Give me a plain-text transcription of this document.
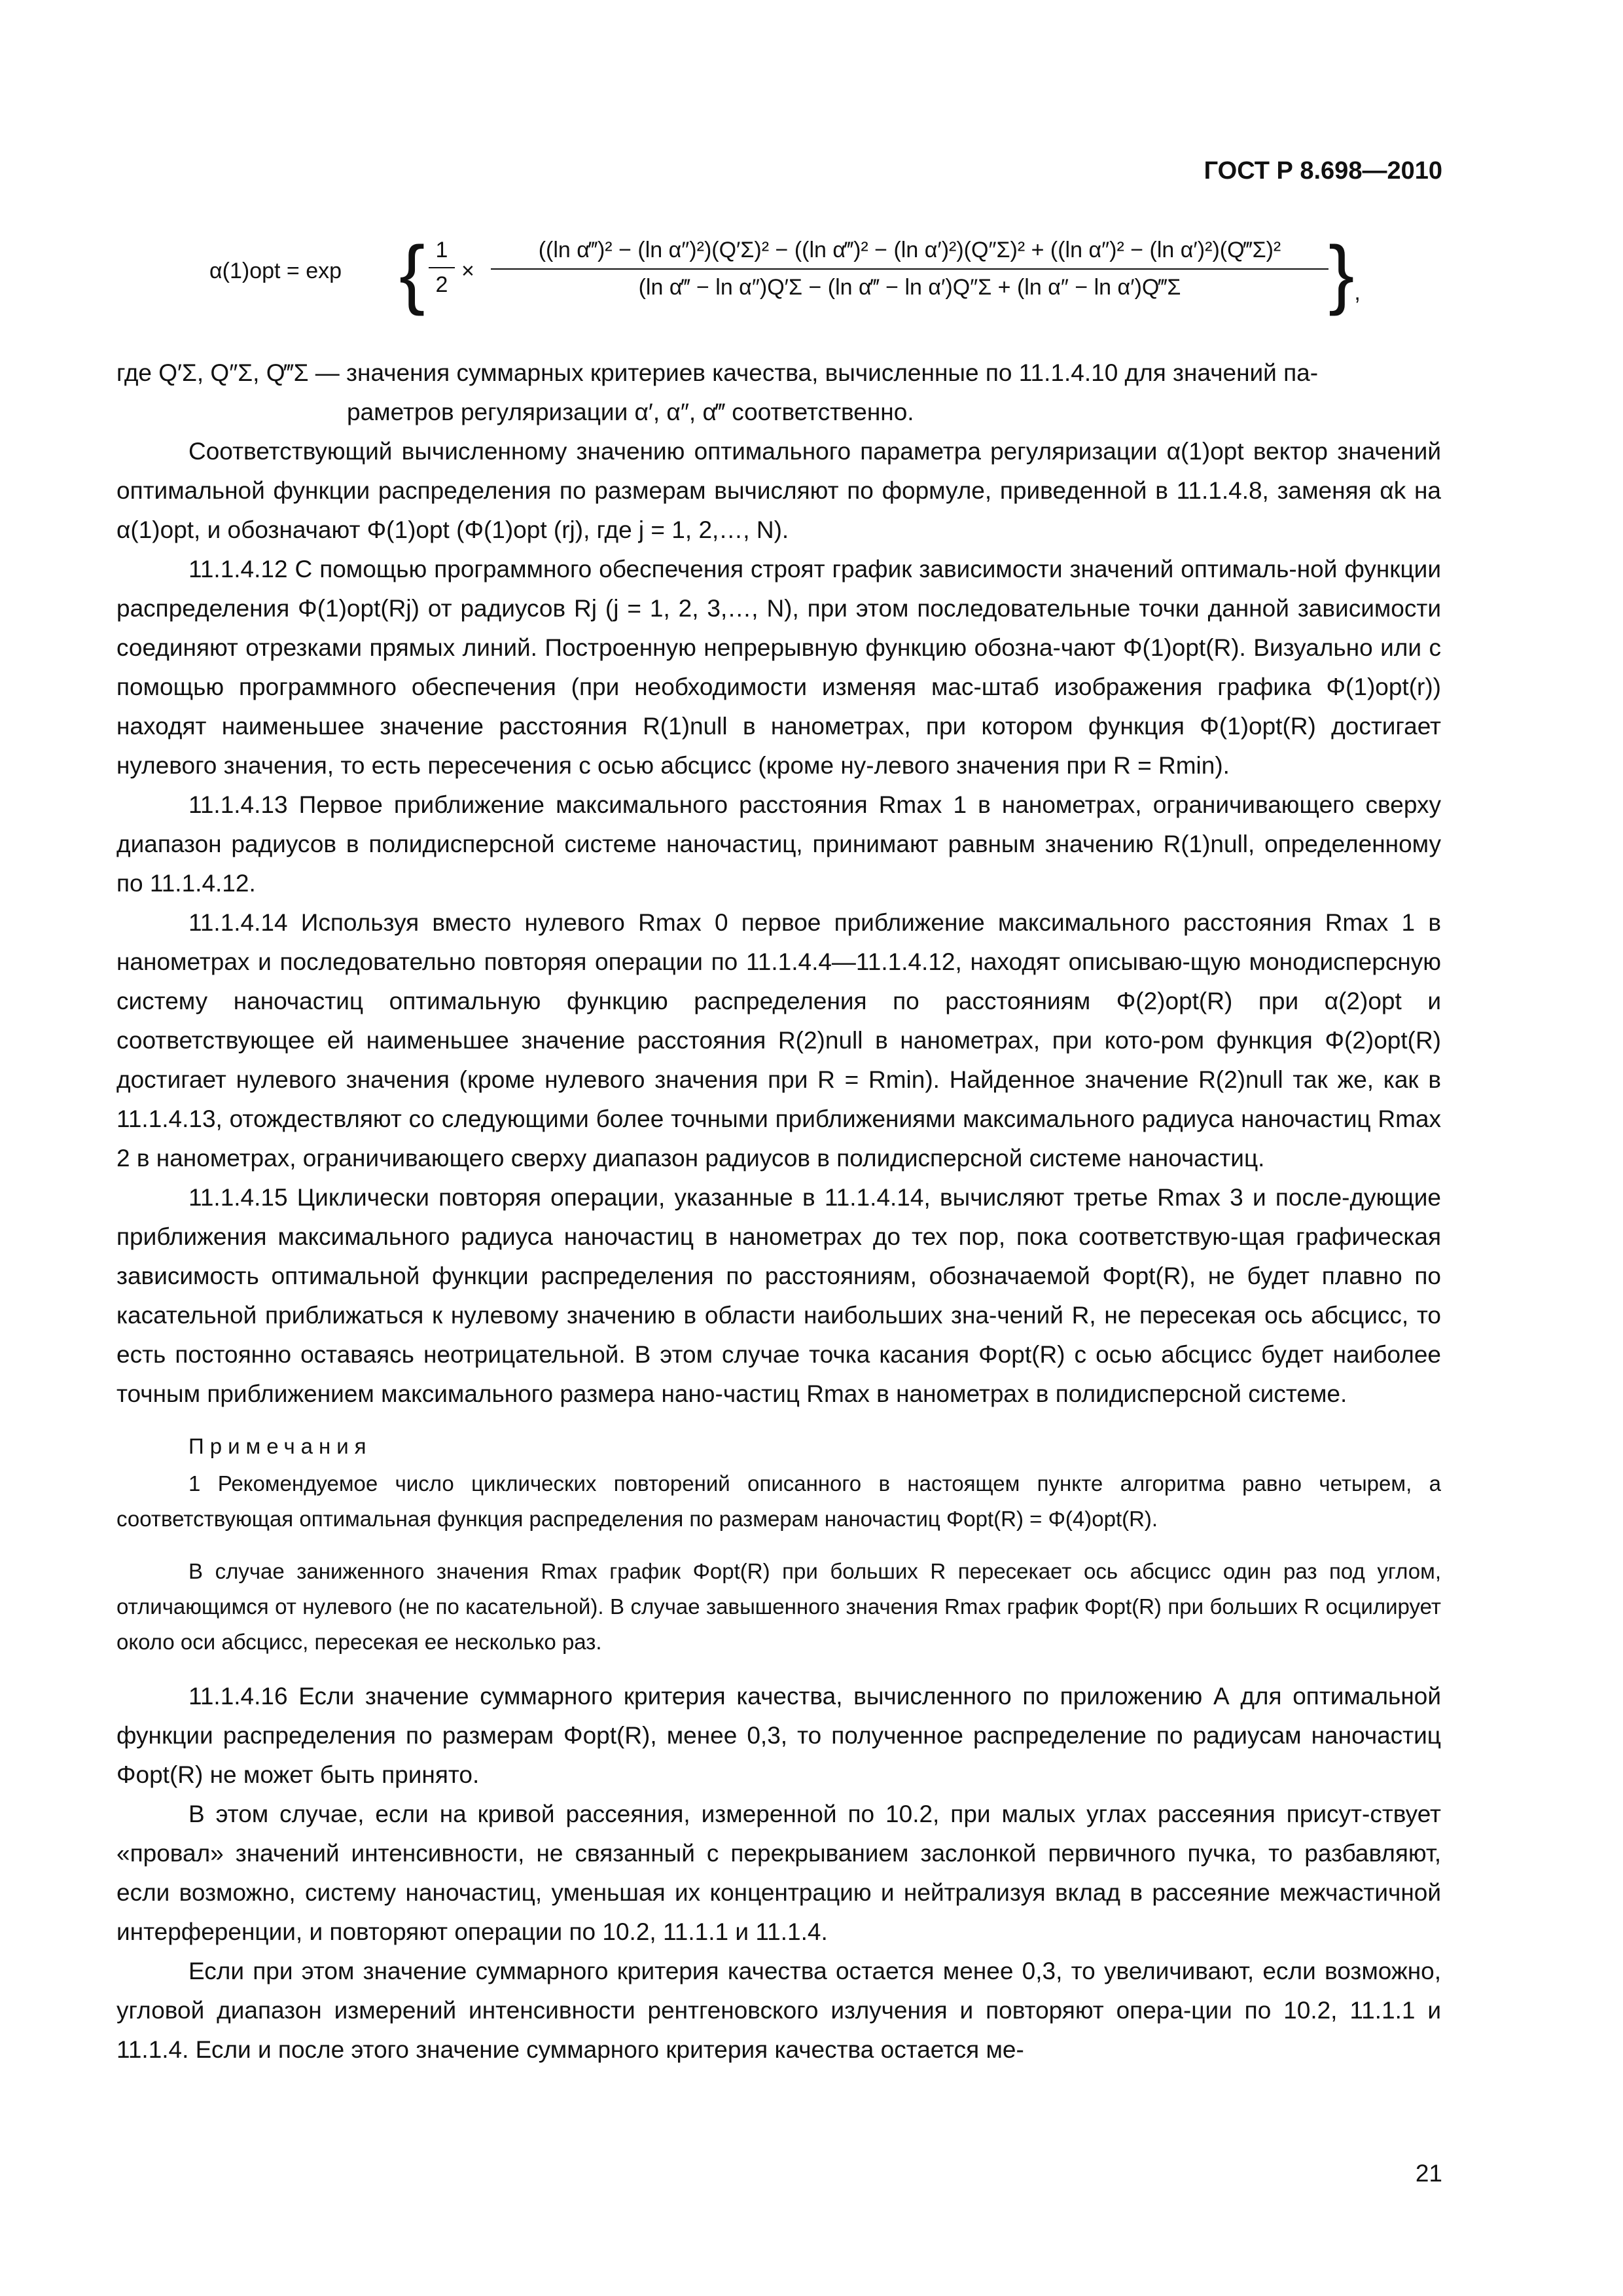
ГОСТ Р 8.698—2010
α(1)opt = exp { 1
2
×
((ln α‴)² − (ln α″)²)(Q′Σ)² − ((ln α‴)² − (ln α′)²)(Q″Σ)² + ((ln α″)² − (ln α′)²)(Q‴Σ)²
(ln α‴ − ln α″)Q′Σ − (ln α‴ − ln α′)Q″Σ + (ln α″ − ln α′)Q‴Σ	},

где Q′Σ, Q″Σ, Q‴Σ — значения суммарных критериев качества, вычисленные по 11.1.4.10 для значений па-

раметров регуляризации α′, α″, α‴ соответственно.

Соответствующий вычисленному значению оптимального параметра регуляризации α(1)opt вектор значений оптимальной функции распределения по размерам вычисляют по формуле, приведенной в 11.1.4.8, заменяя αk на α(1)opt, и обозначают Φ(1)opt (Φ(1)opt (rj), где j = 1, 2,…, N).

11.1.4.12 С помощью программного обеспечения строят график зависимости значений оптималь-ной функции распределения Φ(1)opt(Rj) от радиусов Rj (j = 1, 2, 3,…, N), при этом последовательные точки данной зависимости соединяют отрезками прямых линий. Построенную непрерывную функцию обозна-чают Φ(1)opt(R). Визуально или с помощью программного обеспечения (при необходимости изменяя мас-штаб изображения графика Φ(1)opt(r)) находят наименьшее значение расстояния R(1)null в нанометрах, при котором функция Φ(1)opt(R) достигает нулевого значения, то есть пересечения с осью абсцисс (кроме ну-левого значения при R = Rmin).

11.1.4.13 Первое приближение максимального расстояния Rmax 1 в нанометрах, ограничивающего сверху диапазон радиусов в полидисперсной системе наночастиц, принимают равным значению R(1)null, определенному по 11.1.4.12.

11.1.4.14 Используя вместо нулевого Rmax 0 первое приближение максимального расстояния Rmax 1 в нанометрах и последовательно повторяя операции по 11.1.4.4—11.1.4.12, находят описываю-щую монодисперсную систему наночастиц оптимальную функцию распределения по расстояниям Φ(2)opt(R) при α(2)opt и соответствующее ей наименьшее значение расстояния R(2)null в нанометрах, при кото-ром функция Φ(2)opt(R) достигает нулевого значения (кроме нулевого значения при R = Rmin). Найденное значение R(2)null так же, как в 11.1.4.13, отождествляют со следующими более точными приближениями максимального радиуса наночастиц Rmax 2 в нанометрах, ограничивающего сверху диапазон радиусов в полидисперсной системе наночастиц.

11.1.4.15 Циклически повторяя операции, указанные в 11.1.4.14, вычисляют третье Rmax 3 и после-дующие приближения максимального радиуса наночастиц в нанометрах до тех пор, пока соответствую-щая графическая зависимость оптимальной функции распределения по расстояниям, обозначаемой Φopt(R), не будет плавно по касательной приближаться к нулевому значению в области наибольших зна-чений R, не пересекая ось абсцисс, то есть постоянно оставаясь неотрицательной. В этом случае точка касания Φopt(R) с осью абсцисс будет наиболее точным приближением максимального размера нано-частиц Rmax в нанометрах в полидисперсной системе.

Примечания

1 Рекомендуемое число циклических повторений описанного в настоящем пункте алгоритма равно четырем, а соответствующая оптимальная функция распределения по размерам наночастиц Φopt(R) = Φ(4)opt(R).

В случае заниженного значения Rmax график Φopt(R) при больших R пересекает ось абсцисс один раз под углом, отличающимся от нулевого (не по касательной). В случае завышенного значения Rmax график Φopt(R) при больших R осцилирует около оси абсцисс, пересекая ее несколько раз.

11.1.4.16 Если значение суммарного критерия качества, вычисленного по приложению А для оптимальной функции распределения по размерам Φopt(R), менее 0,3, то полученное распределение по радиусам наночастиц Φopt(R) не может быть принято.

В этом случае, если на кривой рассеяния, измеренной по 10.2, при малых углах рассеяния присут-ствует «провал» значений интенсивности, не связанный с перекрыванием заслонкой первичного пучка, то разбавляют, если возможно, систему наночастиц, уменьшая их концентрацию и нейтрализуя вклад в рассеяние межчастичной интерференции, и повторяют операции по 10.2, 11.1.1 и 11.1.4.

Если при этом значение суммарного критерия качества остается менее 0,3, то увеличивают, если возможно, угловой диапазон измерений интенсивности рентгеновского излучения и повторяют опера-ции по 10.2, 11.1.1 и 11.1.4. Если и после этого значение суммарного критерия качества остается ме-

21
